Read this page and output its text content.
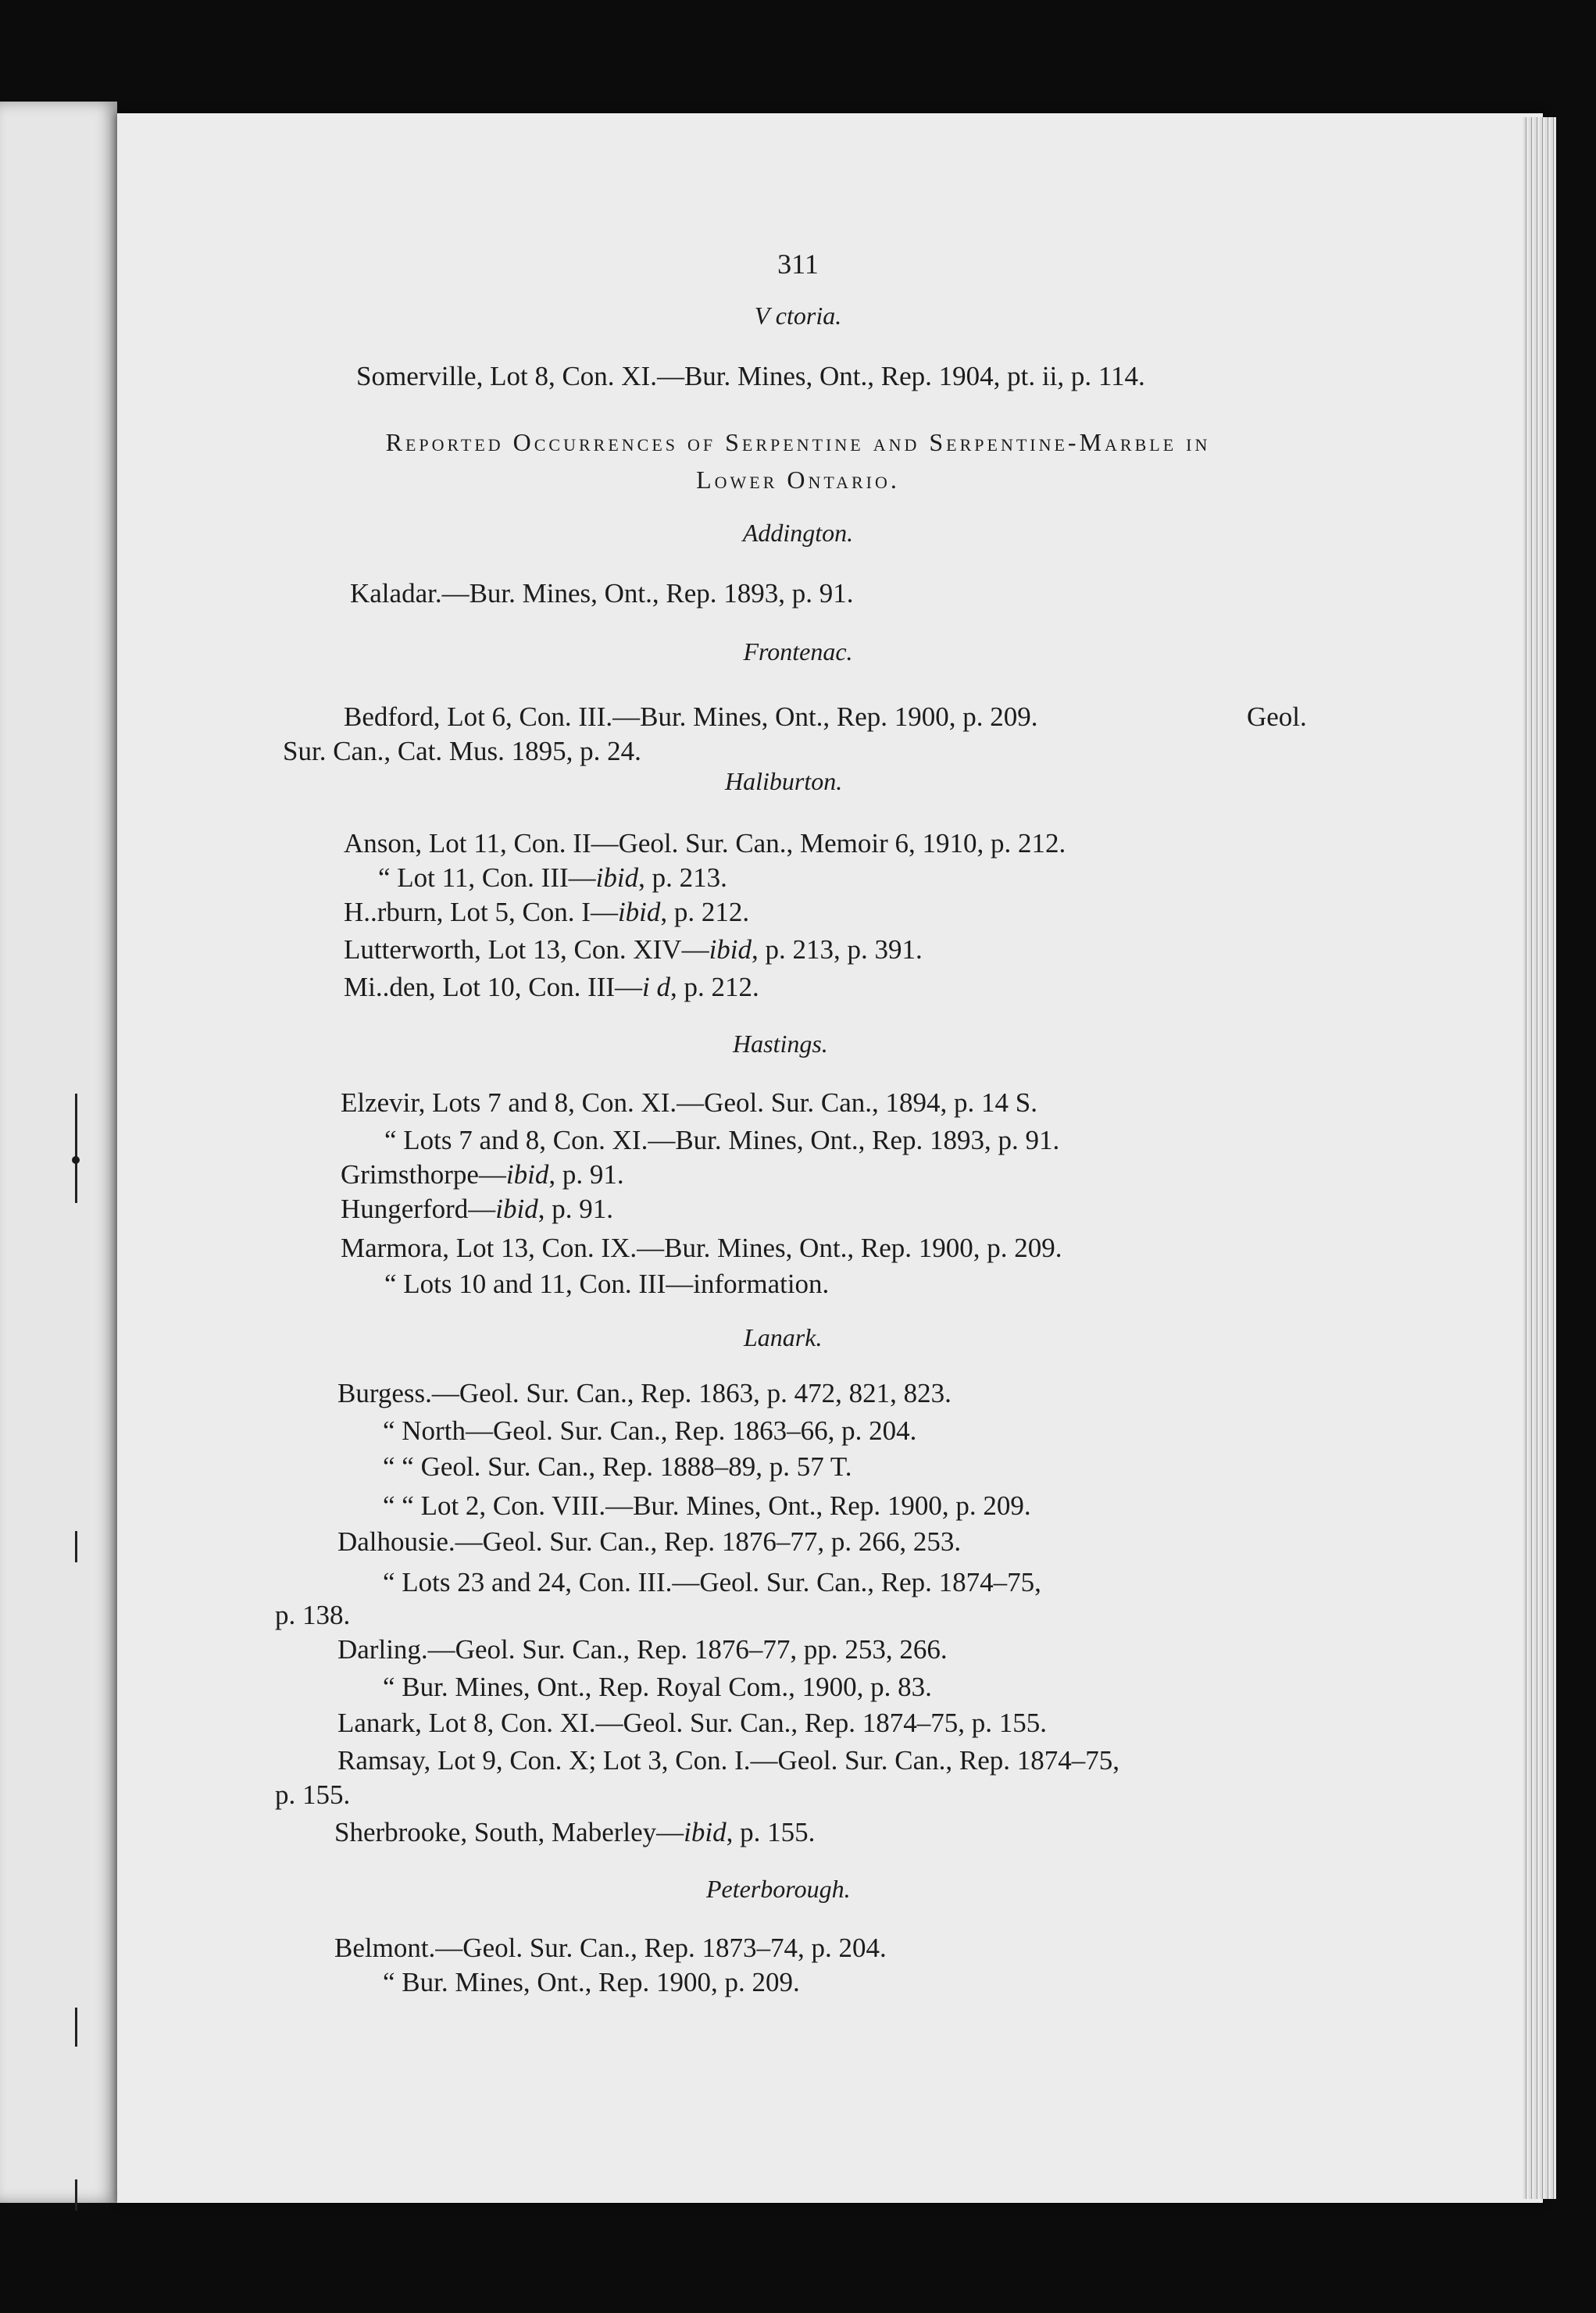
311
V ctoria.
Somerville, Lot 8, Con. XI.—Bur. Mines, Ont., Rep. 1904, pt. ii, p. 114.
Reported Occurrences of Serpentine and Serpentine-Marble in
Lower Ontario.
Addington.
Kaladar.—Bur. Mines, Ont., Rep. 1893, p. 91.
Frontenac.
Bedford, Lot 6, Con. III.—Bur. Mines, Ont., Rep. 1900, p. 209.	Geol.
Sur. Can., Cat. Mus. 1895, p. 24.
Haliburton.
Anson, Lot 11, Con. II—Geol. Sur. Can., Memoir 6, 1910, p. 212.
“ Lot 11, Con. III—ibid, p. 213.
H..rburn, Lot 5, Con. I—ibid, p. 212.
Lutterworth, Lot 13, Con. XIV—ibid, p. 213, p. 391.
Mi..den, Lot 10, Con. III—i d, p. 212.
Hastings.
Elzevir, Lots 7 and 8, Con. XI.—Geol. Sur. Can., 1894, p. 14 S.
“ Lots 7 and 8, Con. XI.—Bur. Mines, Ont., Rep. 1893, p. 91.
Grimsthorpe—ibid, p. 91.
Hungerford—ibid, p. 91.
Marmora, Lot 13, Con. IX.—Bur. Mines, Ont., Rep. 1900, p. 209.
“ Lots 10 and 11, Con. III—information.
Lanark.
Burgess.—Geol. Sur. Can., Rep. 1863, p. 472, 821, 823.
“ North—Geol. Sur. Can., Rep. 1863–66, p. 204.
“ “ Geol. Sur. Can., Rep. 1888–89, p. 57 T.
“ “ Lot 2, Con. VIII.—Bur. Mines, Ont., Rep. 1900, p. 209.
Dalhousie.—Geol. Sur. Can., Rep. 1876–77, p. 266, 253.
“ Lots 23 and 24, Con. III.—Geol. Sur. Can., Rep. 1874–75,
p. 138.
Darling.—Geol. Sur. Can., Rep. 1876–77, pp. 253, 266.
“ Bur. Mines, Ont., Rep. Royal Com., 1900, p. 83.
Lanark, Lot 8, Con. XI.—Geol. Sur. Can., Rep. 1874–75, p. 155.
Ramsay, Lot 9, Con. X; Lot 3, Con. I.—Geol. Sur. Can., Rep. 1874–75,
p. 155.
Sherbrooke, South, Maberley—ibid, p. 155.
Peterborough.
Belmont.—Geol. Sur. Can., Rep. 1873–74, p. 204.
“ Bur. Mines, Ont., Rep. 1900, p. 209.
